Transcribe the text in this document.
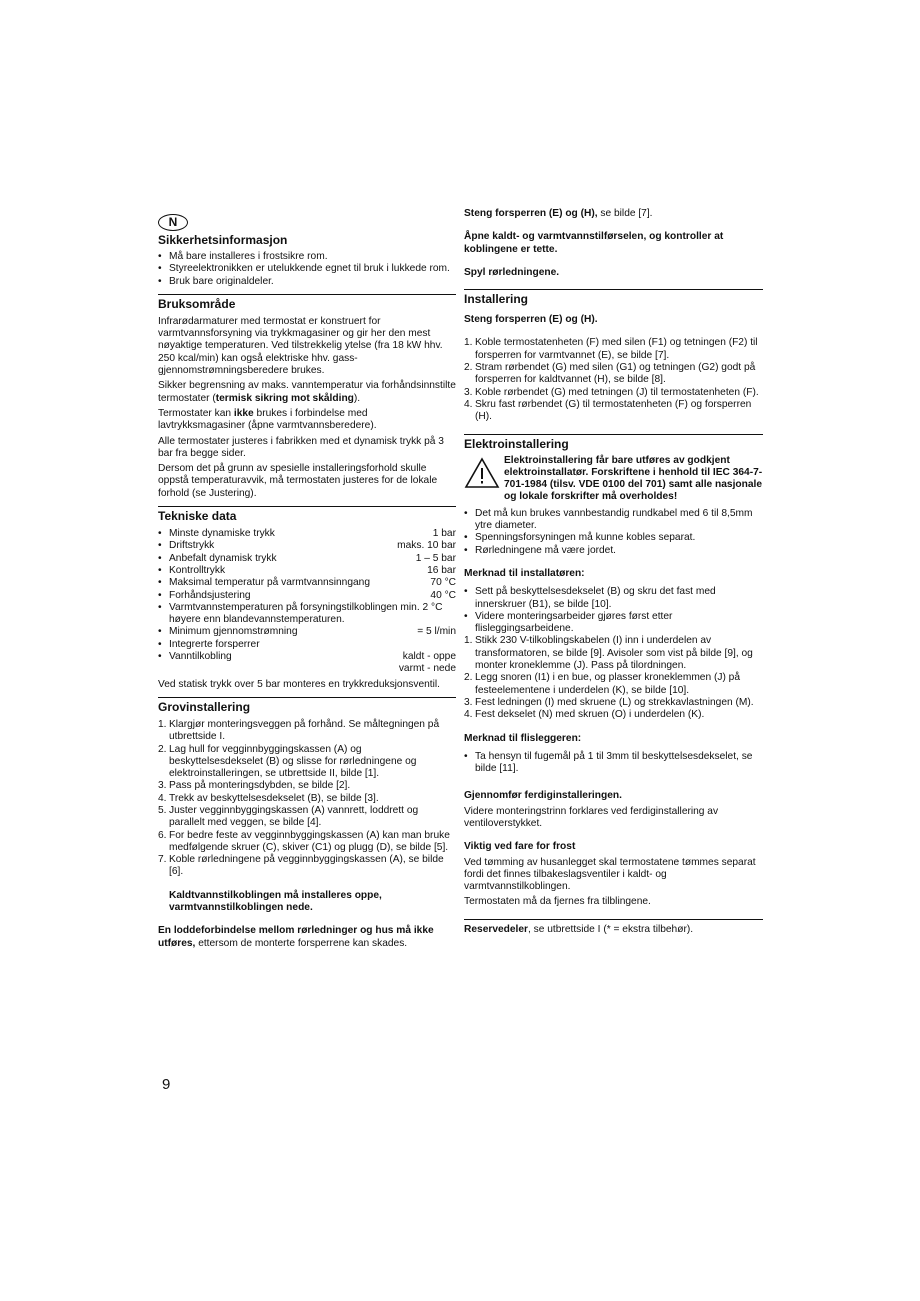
N
Sikkerhetsinformasjon
• Må bare installeres i frostsikre rom.
• Styreelektronikken er utelukkende egnet til bruk i lukkede rom.
• Bruk bare originaldeler.
Bruksområde

Infrarødarmaturer med termostat er konstruert for varmtvannsforsyning via trykkmagasiner og gir her den mest nøyaktige temperaturen. Ved tilstrekkelig ytelse (fra 18 kW hhv. 250 kcal/min) kan også elektriske hhv. gass-gjennomstrømningsberedere brukes.

Sikker begrensning av maks. vanntemperatur via forhåndsinnstilte termostater (termisk sikring mot skålding).

Termostater kan ikke brukes i forbindelse med lavtrykksmagasiner (åpne varmtvannsberedere).

Alle termostater justeres i fabrikken med et dynamisk trykk på 3 bar fra begge sider.

Dersom det på grunn av spesielle installeringsforhold skulle oppstå temperaturavvik, må termostaten justeres for de lokale forhold (se Justering).

Tekniske data
• Minste dynamiske trykk	1 bar
• Driftstrykk	maks. 10 bar
• Anbefalt dynamisk trykk	1 – 5 bar
• Kontrolltrykk	16 bar
• Maksimal temperatur på varmtvannsinngang	70 °C
• Forhåndsjustering	40 °C
• Varmtvannstemperaturen på forsyningstilkoblingen min. 2 °C høyere enn blandevannstemperaturen.
• Minimum gjennomstrømning	= 5 l/min
• Integrerte forsperrer
• Vanntilkobling	kaldt - oppe
varmt - nede

Ved statisk trykk over 5 bar monteres en trykkreduksjonsventil.

Grovinstallering
1. Klargjør monteringsveggen på forhånd. Se måltegningen på utbrettside I.
2. Lag hull for vegginnbyggingskassen (A) og beskyttelsesdekselet (B) og slisse for rørledningene og elektroinstalleringen, se utbrettside II, bilde [1].
3. Pass på monteringsdybden, se bilde [2].
4. Trekk av beskyttelsesdekselet (B), se bilde [3].
5. Juster vegginnbyggingskassen (A) vannrett, loddrett og parallelt med veggen, se bilde [4].
6. For bedre feste av vegginnbyggingskassen (A) kan man bruke medfølgende skruer (C), skiver (C1) og plugg (D), se bilde [5].
7. Koble rørledningene på vegginnbyggingskassen (A), se bilde [6].

Kaldtvannstilkoblingen må installeres oppe, varmtvannstilkoblingen nede.

En loddeforbindelse mellom rørledninger og hus må ikke utføres, ettersom de monterte forsperrene kan skades.

Steng forsperren (E) og (H), se bilde [7].

Åpne kaldt- og varmtvannstilførselen, og kontroller at koblingene er tette.

Spyl rørledningene.

Installering

Steng forsperren (E) og (H).

1. Koble termostatenheten (F) med silen (F1) og tetningen (F2) til forsperren for varmtvannet (E), se bilde [7].
2. Stram rørbendet (G) med silen (G1) og tetningen (G2) godt på forsperren for kaldtvannet (H), se bilde [8].
3. Koble rørbendet (G) med tetningen (J) til termostatenheten (F).
4. Skru fast rørbendet (G) til termostatenheten (F) og forsperren (H).
Elektroinstallering
Elektroinstallering får bare utføres av godkjent elektroinstallatør. Forskriftene i henhold til IEC 364-7-701-1984 (tilsv. VDE 0100 del 701) samt alle nasjonale og lokale forskrifter må overholdes!
• Det må kun brukes vannbestandig rundkabel med 6 til 8,5mm ytre diameter.
• Spenningsforsyningen må kunne kobles separat.
• Rørledningene må være jordet.

Merknad til installatøren:

• Sett på beskyttelsesdekselet (B) og skru det fast med innerskruer (B1), se bilde [10].
• Videre monteringsarbeider gjøres først etter flisleggingsarbeidene.
1. Stikk 230 V-tilkoblingskabelen (I) inn i underdelen av transformatoren, se bilde [9]. Avisoler som vist på bilde [9], og monter kroneklemme (J). Pass på tilordningen.
2. Legg snoren (I1) i en bue, og plasser kroneklemmen (J) på festeelementene i underdelen (K), se bilde [10].
3. Fest ledningen (I) med skruene (L) og strekkavlastningen (M).
4. Fest dekselet (N) med skruen (O) i underdelen (K).

Merknad til flisleggeren:

• Ta hensyn til fugemål på 1 til 3mm til beskyttelsesdekselet, se bilde [11].

Gjennomfør ferdiginstalleringen.

Videre monteringstrinn forklares ved ferdiginstallering av ventiloverstykket.

Viktig ved fare for frost

Ved tømming av husanlegget skal termostatene tømmes separat fordi det finnes tilbakeslagsventiler i kaldt- og varmtvannstilkoblingen.

Termostaten må da fjernes fra tilblingene.

Reservedeler, se utbrettside I (* = ekstra tilbehør).

9
